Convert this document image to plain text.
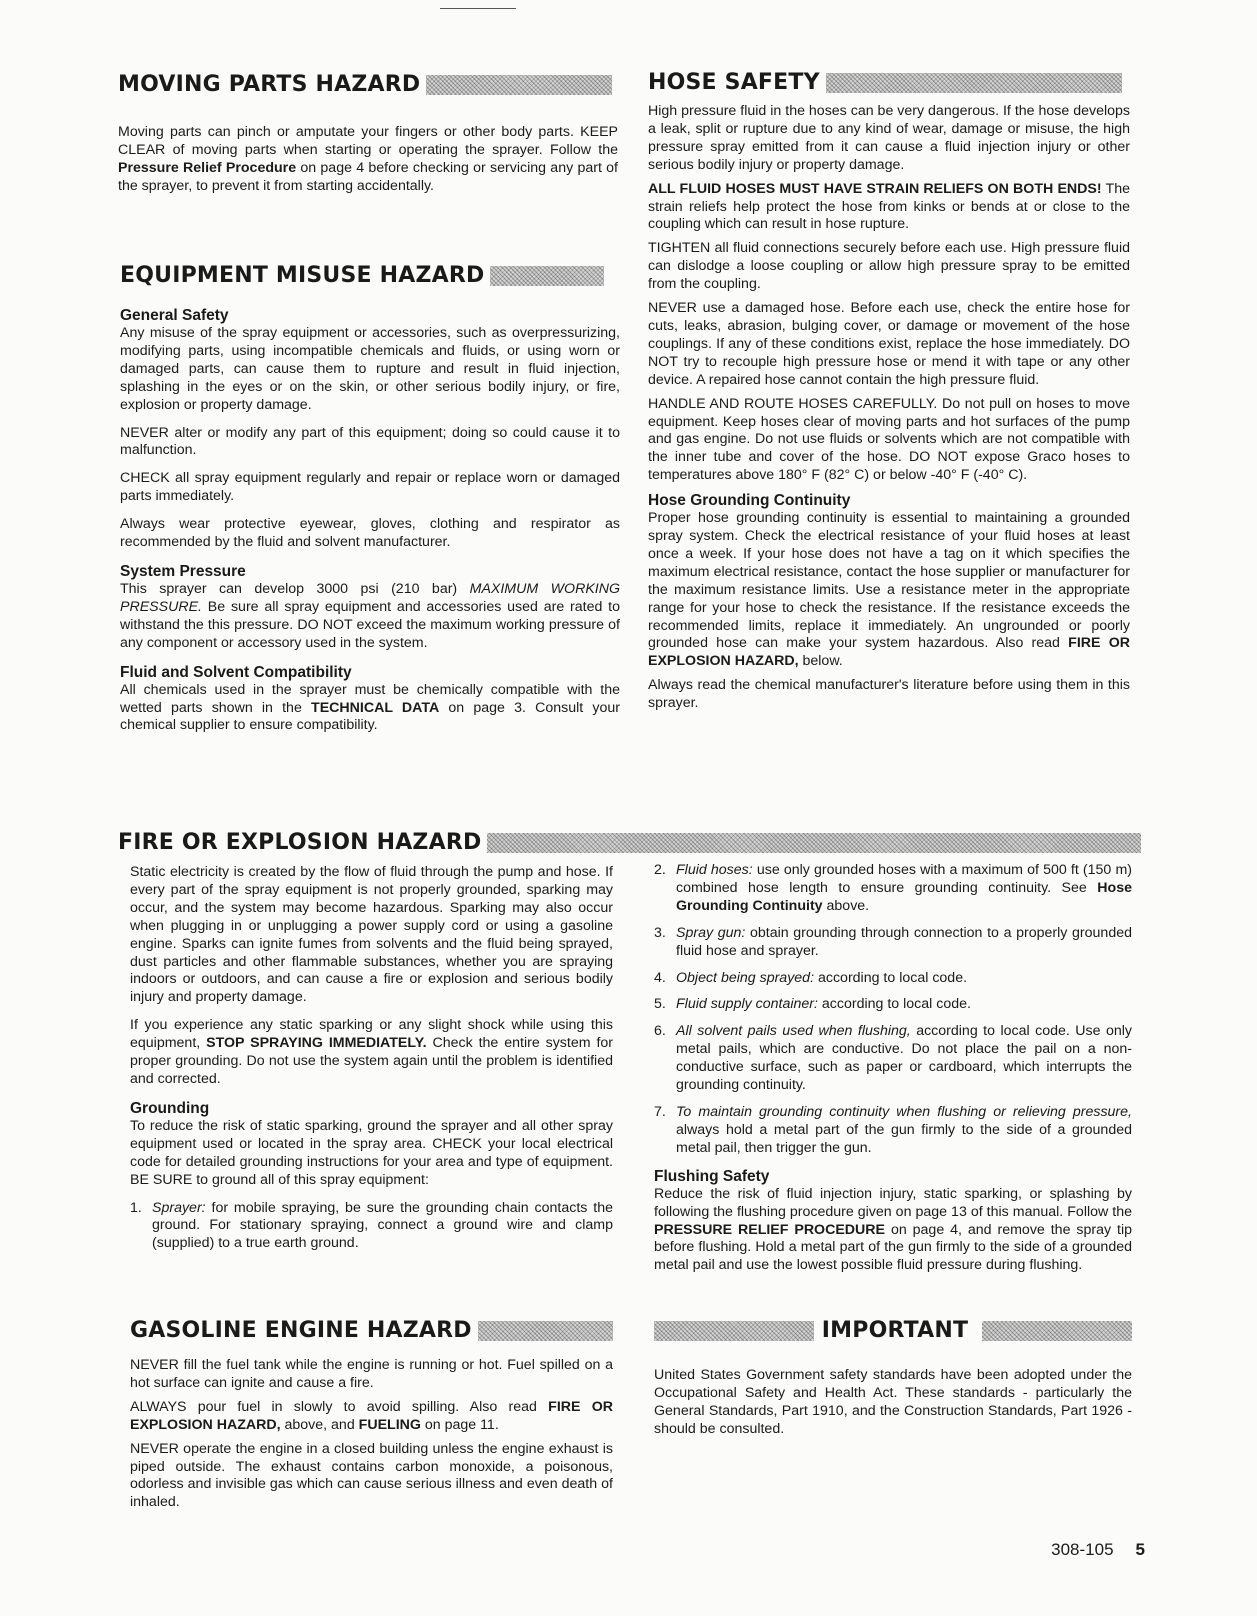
MOVING PARTS HAZARD

Moving parts can pinch or amputate your fingers or other body parts. KEEP CLEAR of moving parts when starting or operating the sprayer. Follow the Pressure Relief Procedure on page 4 before checking or servicing any part of the sprayer, to prevent it from starting accidentally.

EQUIPMENT MISUSE HAZARD
General Safety

Any misuse of the spray equipment or accessories, such as overpressurizing, modifying parts, using incompatible chemicals and fluids, or using worn or damaged parts, can cause them to rupture and result in fluid injection, splashing in the eyes or on the skin, or other serious bodily injury, or fire, explosion or property damage.

NEVER alter or modify any part of this equipment; doing so could cause it to malfunction.

CHECK all spray equipment regularly and repair or replace worn or damaged parts immediately.

Always wear protective eyewear, gloves, clothing and respirator as recommended by the fluid and solvent manufacturer.

System Pressure

This sprayer can develop 3000 psi (210 bar) MAXIMUM WORKING PRESSURE. Be sure all spray equipment and accessories used are rated to withstand the this pressure. DO NOT exceed the maximum working pressure of any component or accessory used in the system.

Fluid and Solvent Compatibility

All chemicals used in the sprayer must be chemically compatible with the wetted parts shown in the TECHNICAL DATA on page 3. Consult your chemical supplier to ensure compatibility.

HOSE SAFETY

High pressure fluid in the hoses can be very dangerous. If the hose develops a leak, split or rupture due to any kind of wear, damage or misuse, the high pressure spray emitted from it can cause a fluid injection injury or other serious bodily injury or property damage.

ALL FLUID HOSES MUST HAVE STRAIN RELIEFS ON BOTH ENDS! The strain reliefs help protect the hose from kinks or bends at or close to the coupling which can result in hose rupture.

TIGHTEN all fluid connections securely before each use. High pressure fluid can dislodge a loose coupling or allow high pressure spray to be emitted from the coupling.

NEVER use a damaged hose. Before each use, check the entire hose for cuts, leaks, abrasion, bulging cover, or damage or movement of the hose couplings. If any of these conditions exist, replace the hose immediately. DO NOT try to recouple high pressure hose or mend it with tape or any other device. A repaired hose cannot contain the high pressure fluid.

HANDLE AND ROUTE HOSES CAREFULLY. Do not pull on hoses to move equipment. Keep hoses clear of moving parts and hot surfaces of the pump and gas engine. Do not use fluids or solvents which are not compatible with the inner tube and cover of the hose. DO NOT expose Graco hoses to temperatures above 180° F (82° C) or below -40° F (-40° C).

Hose Grounding Continuity

Proper hose grounding continuity is essential to maintaining a grounded spray system. Check the electrical resistance of your fluid hoses at least once a week. If your hose does not have a tag on it which specifies the maximum electrical resistance, contact the hose supplier or manufacturer for the maximum resistance limits. Use a resistance meter in the appropriate range for your hose to check the resistance. If the resistance exceeds the recommended limits, replace it immediately. An ungrounded or poorly grounded hose can make your system hazardous. Also read FIRE OR EXPLOSION HAZARD, below.

Always read the chemical manufacturer's literature before using them in this sprayer.

FIRE OR EXPLOSION HAZARD

Static electricity is created by the flow of fluid through the pump and hose. If every part of the spray equipment is not properly grounded, sparking may occur, and the system may become hazardous. Sparking may also occur when plugging in or unplugging a power supply cord or using a gasoline engine. Sparks can ignite fumes from solvents and the fluid being sprayed, dust particles and other flammable substances, whether you are spraying indoors or outdoors, and can cause a fire or explosion and serious bodily injury and property damage.

If you experience any static sparking or any slight shock while using this equipment, STOP SPRAYING IMMEDIATELY. Check the entire system for proper grounding. Do not use the system again until the problem is identified and corrected.

Grounding

To reduce the risk of static sparking, ground the sprayer and all other spray equipment used or located in the spray area. CHECK your local electrical code for detailed grounding instructions for your area and type of equipment. BE SURE to ground all of this spray equipment:

1. Sprayer: for mobile spraying, be sure the grounding chain contacts the ground. For stationary spraying, connect a ground wire and clamp (supplied) to a true earth ground.
2. Fluid hoses: use only grounded hoses with a maximum of 500 ft (150 m) combined hose length to ensure grounding continuity. See Hose Grounding Continuity above.
3. Spray gun: obtain grounding through connection to a properly grounded fluid hose and sprayer.
4. Object being sprayed: according to local code.
5. Fluid supply container: according to local code.
6. All solvent pails used when flushing, according to local code. Use only metal pails, which are conductive. Do not place the pail on a non-conductive surface, such as paper or cardboard, which interrupts the grounding continuity.
7. To maintain grounding continuity when flushing or relieving pressure, always hold a metal part of the gun firmly to the side of a grounded metal pail, then trigger the gun.
Flushing Safety

Reduce the risk of fluid injection injury, static sparking, or splashing by following the flushing procedure given on page 13 of this manual. Follow the PRESSURE RELIEF PROCEDURE on page 4, and remove the spray tip before flushing. Hold a metal part of the gun firmly to the side of a grounded metal pail and use the lowest possible fluid pressure during flushing.

GASOLINE ENGINE HAZARD

NEVER fill the fuel tank while the engine is running or hot. Fuel spilled on a hot surface can ignite and cause a fire.

ALWAYS pour fuel in slowly to avoid spilling. Also read FIRE OR EXPLOSION HAZARD, above, and FUELING on page 11.

NEVER operate the engine in a closed building unless the engine exhaust is piped outside. The exhaust contains carbon monoxide, a poisonous, odorless and invisible gas which can cause serious illness and even death of inhaled.

IMPORTANT

United States Government safety standards have been adopted under the Occupational Safety and Health Act. These standards - particularly the General Standards, Part 1910, and the Construction Standards, Part 1926 - should be consulted.

308-105 5
